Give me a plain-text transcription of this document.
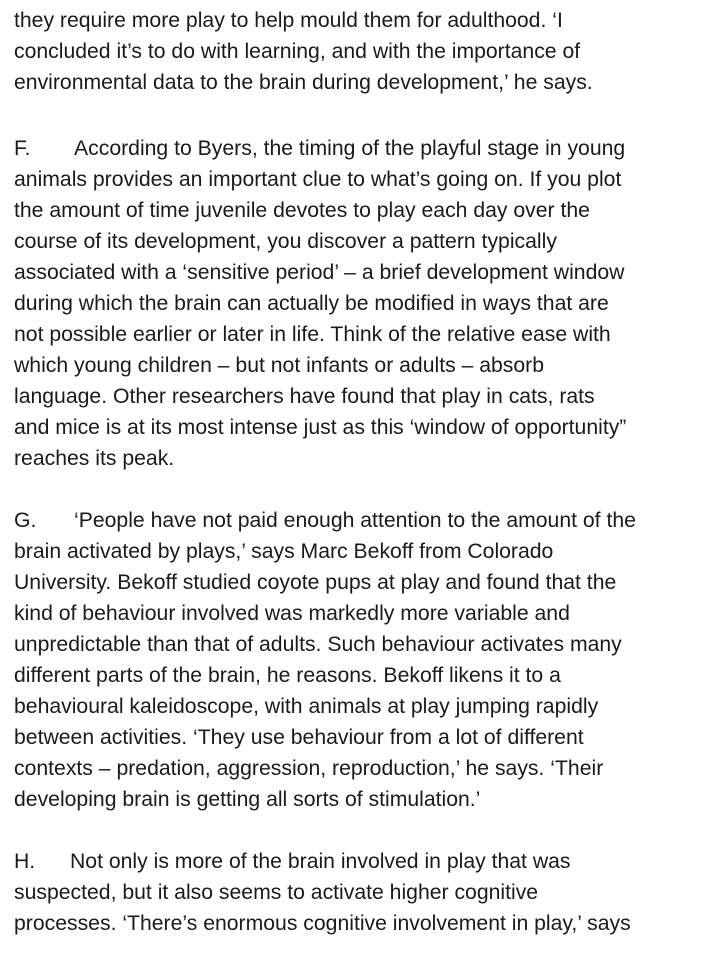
they require more play to help mould them for adulthood. ‘I
concluded it’s to do with learning, and with the importance of
environmental data to the brain during development,’ he says.
F. According to Byers, the timing of the playful stage in young
animals provides an important clue to what’s going on. If you plot
the amount of time juvenile devotes to play each day over the
course of its development, you discover a pattern typically
associated with a ‘sensitive period’ – a brief development window
during which the brain can actually be modified in ways that are
not possible earlier or later in life. Think of the relative ease with
which young children – but not infants or adults – absorb
language. Other researchers have found that play in cats, rats
and mice is at its most intense just as this ‘window of opportunity”
reaches its peak.
G. ‘People have not paid enough attention to the amount of the
brain activated by plays,’ says Marc Bekoff from Colorado
University. Bekoff studied coyote pups at play and found that the
kind of behaviour involved was markedly more variable and
unpredictable than that of adults. Such behaviour activates many
different parts of the brain, he reasons. Bekoff likens it to a
behavioural kaleidoscope, with animals at play jumping rapidly
between activities. ‘They use behaviour from a lot of different
contexts – predation, aggression, reproduction,’ he says. ‘Their
developing brain is getting all sorts of stimulation.’
H. Not only is more of the brain involved in play that was
suspected, but it also seems to activate higher cognitive
processes. ‘There’s enormous cognitive involvement in play,’ says
